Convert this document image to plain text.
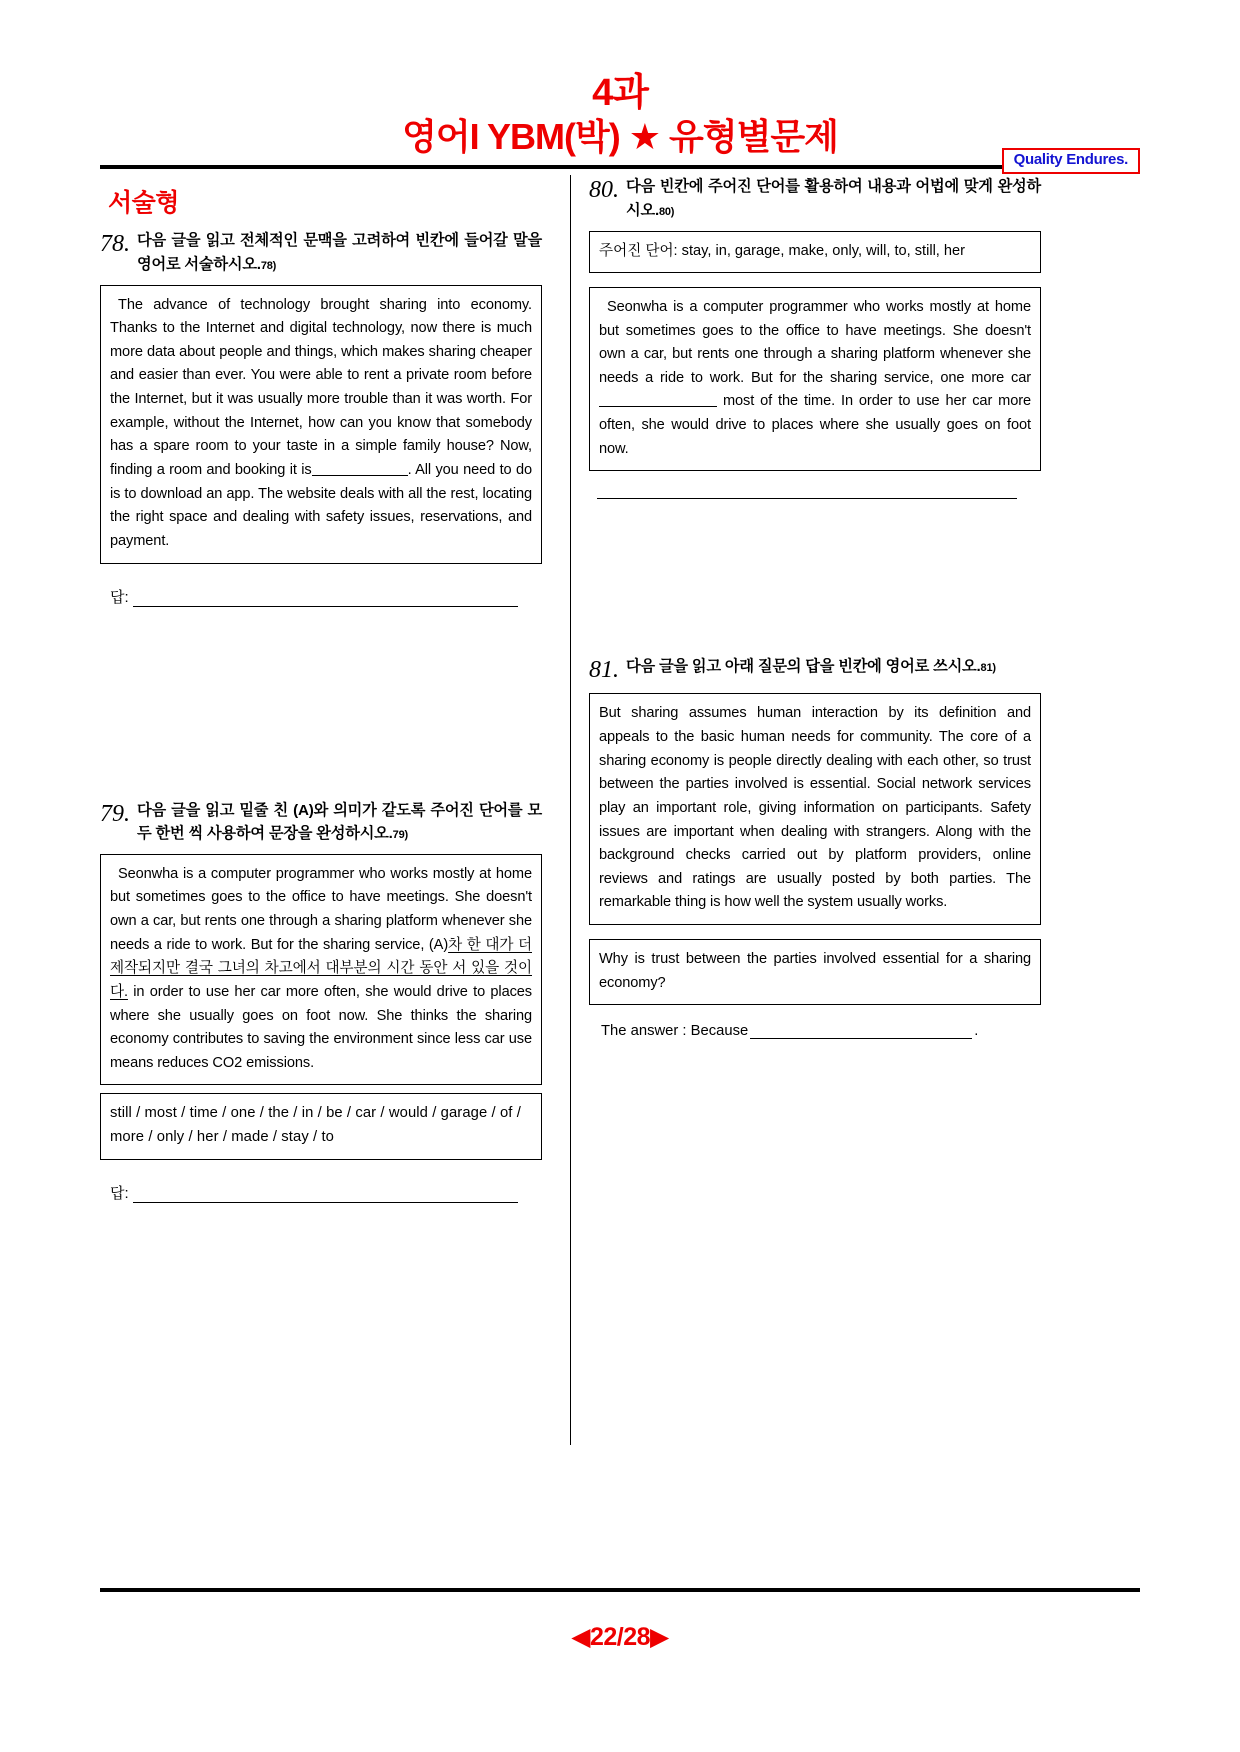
4과
영어I YBM(박) ★ 유형별문제
Quality Endures.
서술형
78. 다음 글을 읽고 전체적인 문맥을 고려하여 빈칸에 들어갈 말을 영어로 서술하시오.78)
The advance of technology brought sharing into economy. Thanks to the Internet and digital technology, now there is much more data about people and things, which makes sharing cheaper and easier than ever. You were able to rent a private room before the Internet, but it was usually more trouble than it was worth. For example, without the Internet, how can you know that somebody has a spare room to your taste in a simple family house? Now, finding a room and booking it is	. All you need to do is to download an app. The website deals with all the rest, locating the right space and dealing with safety issues, reservations, and payment.
답:
79. 다음 글을 읽고 밑줄 친 (A)와 의미가 같도록 주어진 단어를 모두 한번 씩 사용하여 문장을 완성하시오.79)
Seonwha is a computer programmer who works mostly at home but sometimes goes to the office to have meetings. She doesn't own a car, but rents one through a sharing platform whenever she needs a ride to work. But for the sharing service, (A)차 한 대가 더 제작되지만 결국 그녀의 차고에서 대부분의 시간 동안 서 있을 것이다. in order to use her car more often, she would drive to places where she usually goes on foot now. She thinks the sharing economy contributes to saving the environment since less car use means reduces CO2 emissions.
still / most / time / one / the / in / be / car / would / garage / of / more / only / her / made / stay / to
답:
80. 다음 빈칸에 주어진 단어를 활용하여 내용과 어법에 맞게 완성하시오.80)
주어진 단어: stay, in, garage, make, only, will, to, still, her
Seonwha is a computer programmer who works mostly at home but sometimes goes to the office to have meetings. She doesn't own a car, but rents one through a sharing platform whenever she needs a ride to work. But for the sharing service, one more car  most of the time. In order to use her car more often, she would drive to places where she usually goes on foot now.
81. 다음 글을 읽고 아래 질문의 답을 빈칸에 영어로 쓰시오.81)
But sharing assumes human interaction by its definition and appeals to the basic human needs for community. The core of a sharing economy is people directly dealing with each other, so trust between the parties involved is essential. Social network services play an important role, giving information on participants. Safety issues are important when dealing with strangers. Along with the background checks carried out by platform providers, online reviews and ratings are usually posted by both parties. The remarkable thing is how well the system usually works.
Why is trust between the parties involved essential for a sharing economy?
The answer : Because	.
◀22/28▶
